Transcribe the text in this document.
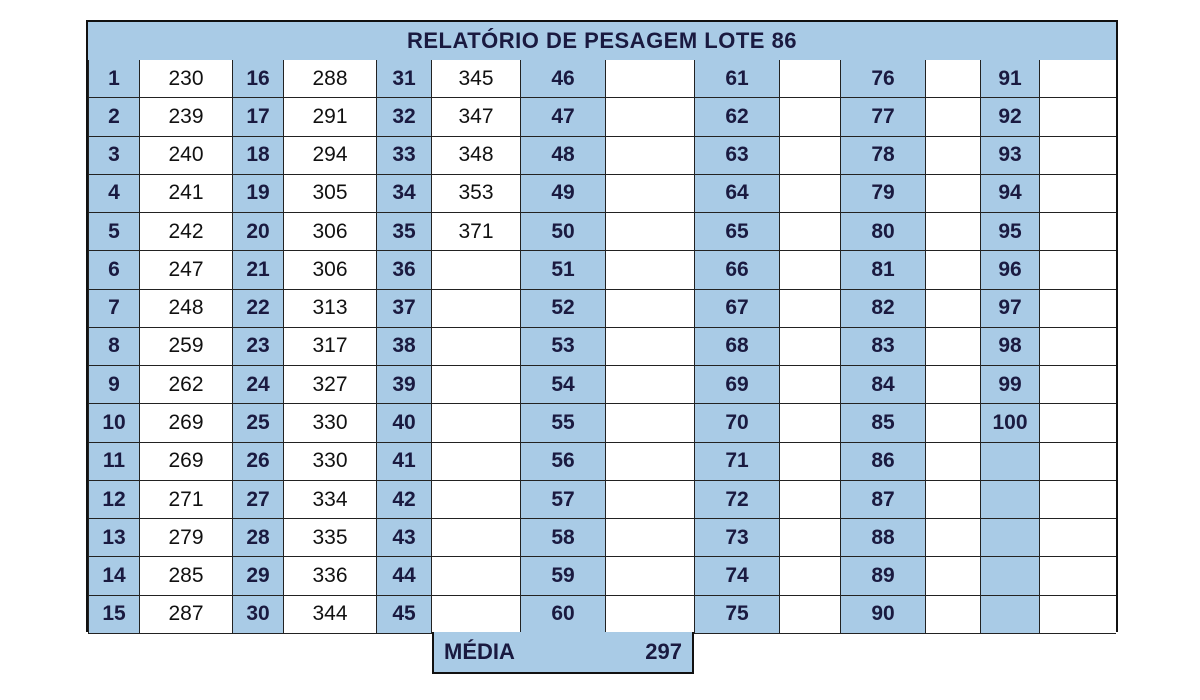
RELATÓRIO DE PESAGEM LOTE 86
1
2
3
4
5
6
7
8
9
10
11
12
13
14
15
230
239
240
241
242
247
248
259
262
269
269
271
279
285
287
16
17
18
19
20
21
22
23
24
25
26
27
28
29
30
288
291
294
305
306
306
313
317
327
330
330
334
335
336
344
31
32
33
34
35
36
37
38
39
40
41
42
43
44
45
345
347
348
353
371
46
47
48
49
50
51
52
53
54
55
56
57
58
59
60
61
62
63
64
65
66
67
68
69
70
71
72
73
74
75
76
77
78
79
80
81
82
83
84
85
86
87
88
89
90
91
92
93
94
95
96
97
98
99
100
MÉDIA	297
